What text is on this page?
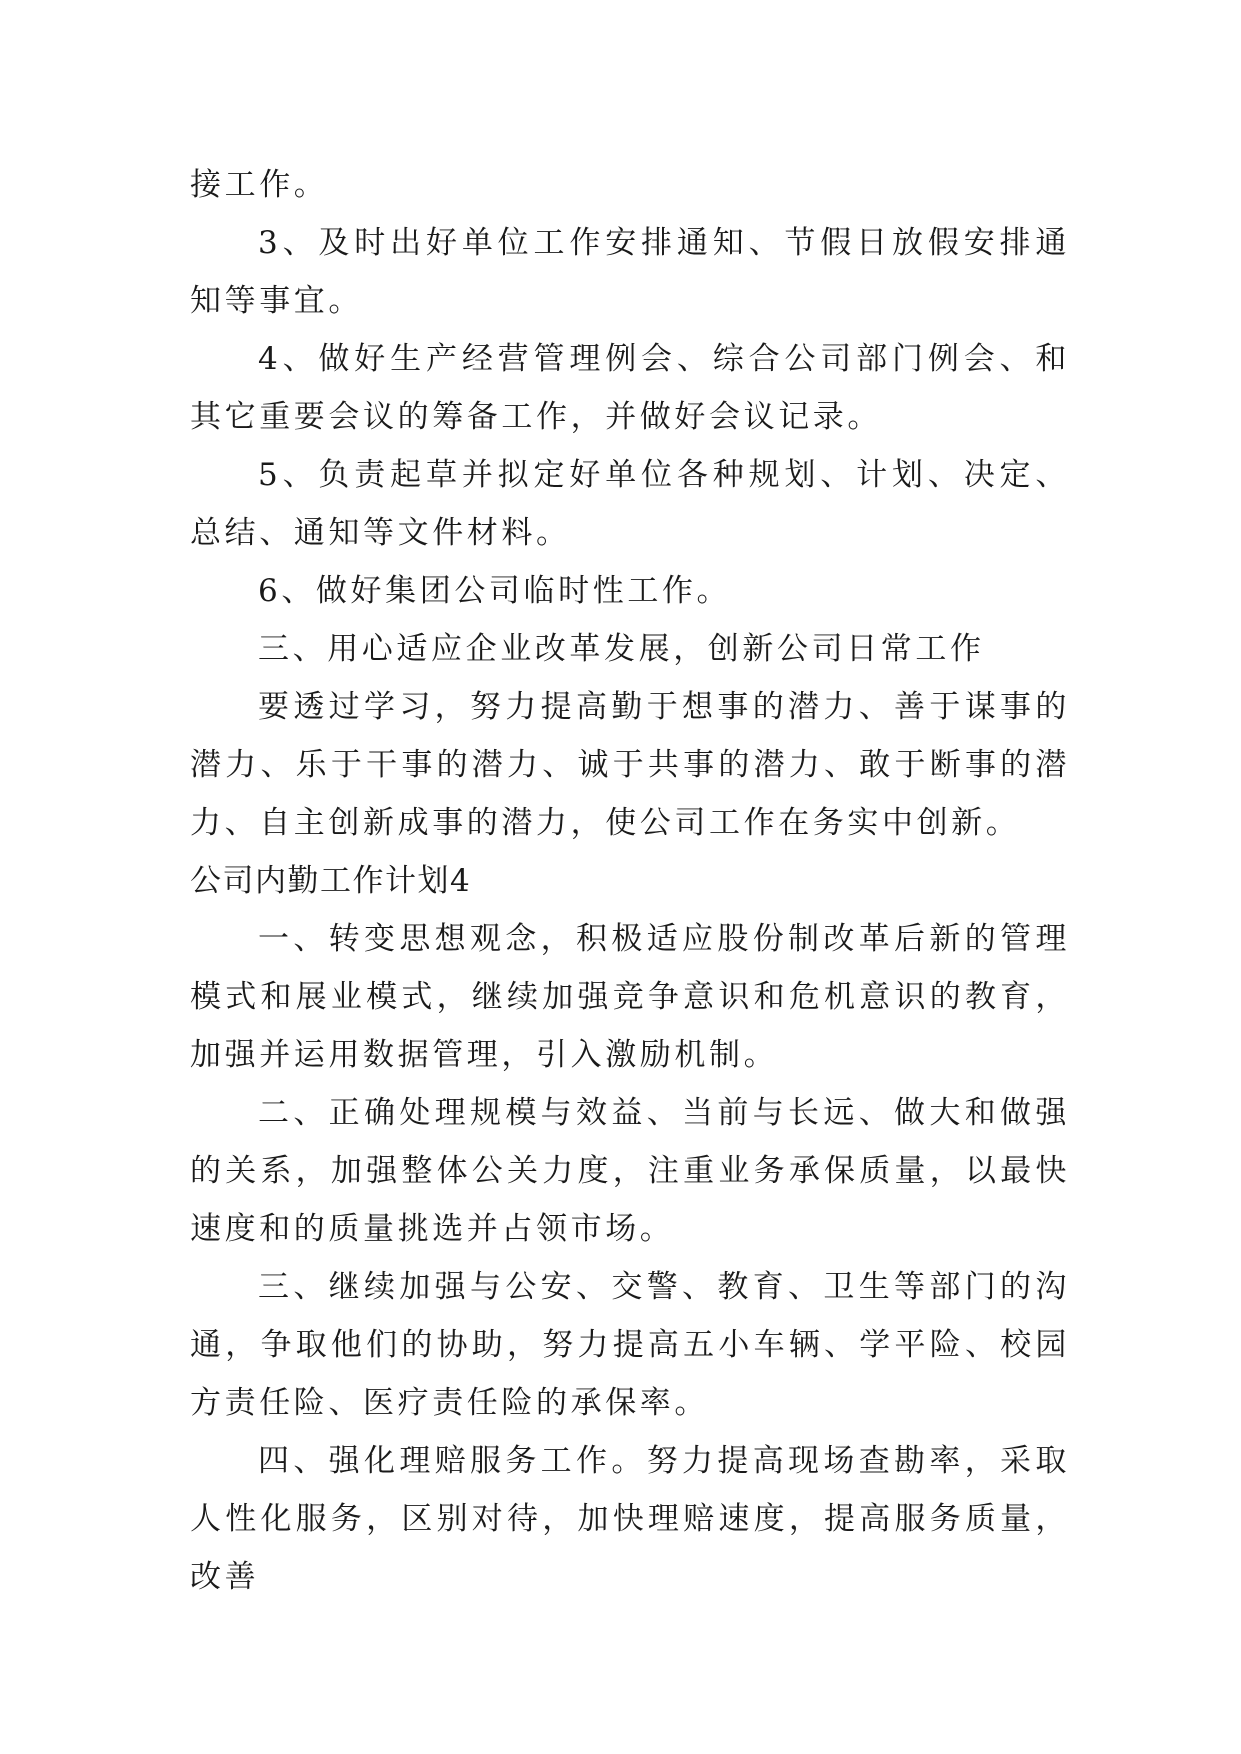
接工作。

3、及时出好单位工作安排通知、节假日放假安排通知等事宜。

4、做好生产经营管理例会、综合公司部门例会、和其它重要会议的筹备工作，并做好会议记录。

5、负责起草并拟定好单位各种规划、计划、决定、总结、通知等文件材料。

6、做好集团公司临时性工作。

三、用心适应企业改革发展，创新公司日常工作

要透过学习，努力提高勤于想事的潜力、善于谋事的潜力、乐于干事的潜力、诚于共事的潜力、敢于断事的潜力、自主创新成事的潜力，使公司工作在务实中创新。

公司内勤工作计划4

一、转变思想观念，积极适应股份制改革后新的管理模式和展业模式，继续加强竞争意识和危机意识的教育，加强并运用数据管理，引入激励机制。

二、正确处理规模与效益、当前与长远、做大和做强的关系，加强整体公关力度，注重业务承保质量，以最快速度和的质量挑选并占领市场。

三、继续加强与公安、交警、教育、卫生等部门的沟通，争取他们的协助，努力提高五小车辆、学平险、校园方责任险、医疗责任险的承保率。

四、强化理赔服务工作。努力提高现场查勘率，采取人性化服务，区别对待，加快理赔速度，提高服务质量，改善
